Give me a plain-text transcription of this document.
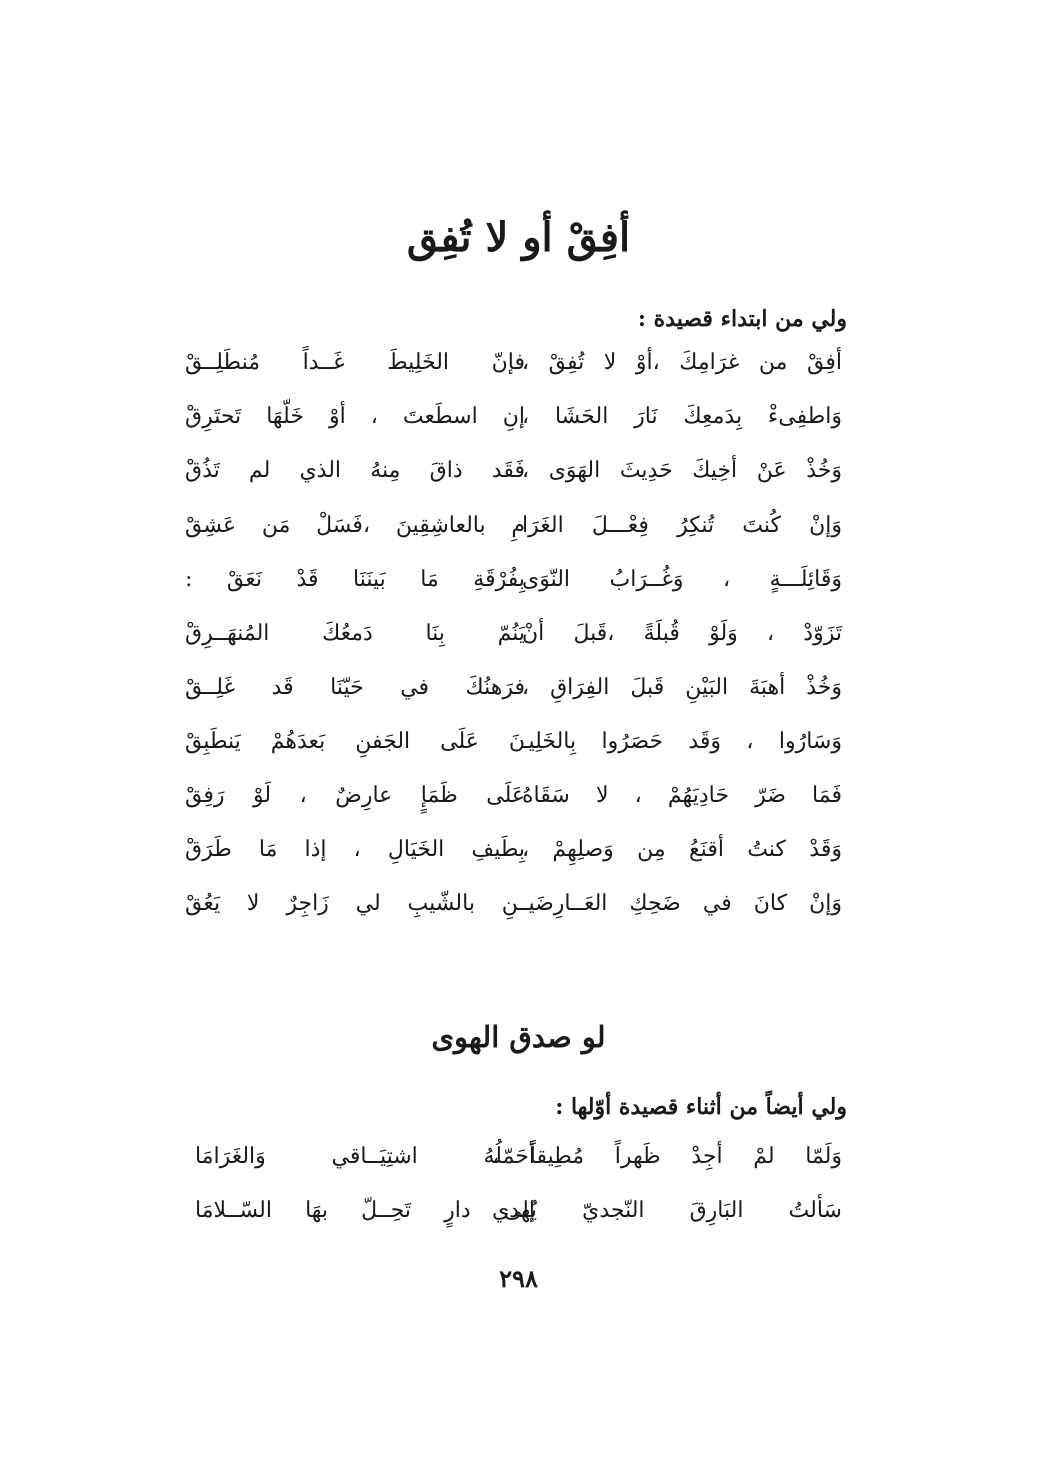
أفِقْ أو لا تُفِق
ولي من ابتداء قصيدة :
أفِقْ من غرَامِكَ ،أوْ لا تُفِقْ ،
فإنّ الخَلِيطَ غَــداً مُنطَلِــقْ
وَاطفِىءْ بِدَمعِكَ نَارَ الحَشَا ،
إنِ اسطَعتَ ، أوْ خَلّهَا تَحتَرِقْ
وَخُذْ عَنْ أخِيكَ حَدِيثَ الهَوَى ،
فَقَد ذاقَ مِنهُ الذي لم تَذُقْ
وَإنْ كُنتَ تُنكِرُ فِعْـــلَ الغَرَا
مِ بالعاشِقِينَ ،فَسَلْ مَن عَشِقْ
وَقَائِلَـــةٍ ، وَغُــرَابُ النّوَى
بِفُرْقَةِ مَا بَينَنَا قَدْ نَعَقْ :
تَزَوّدْ ، وَلَوْ قُبلَةً ،قَبلَ أنْ
يَنُمّ بِنَا دَمعُكَ المُنهَــرِقْ
وَخُذْ أهبَةَ البَيْنِ قَبلَ الفِرَاقِ ،
فرَهنُكَ في حَيّنَا قَد غَلِــقْ
وَسَارُوا ، وَقَد حَصَرُوا بِالخَلِيـ
نَ عَلَى الجَفنِ بَعدَهُمْ يَنطَبِقْ
فَمَا ضَرّ حَادِيَهُمْ ، لا سَقَاهُ
عَلَى ظَمَإٍ عارِضٌ ، لَوْ رَفِقْ
وَقَدْ كنتُ أقنَعُ مِن وَصلِهِمْ ،
بِطَيفِ الخَيَالِ ، إذا مَا طَرَقْ
وَإنْ كانَ في ضَحِكِ العَــارِضَيـ
ـنِ بالشّيبِ لي زَاجِرٌ لا يَعُقْ
لو صدق الهوى
ولي أيضاً من أثناء قصيدة أوّلها :
وَلَمّا لمْ أجِدْ ظَهراً مُطِيقاً ،
أحَمّلُهُ اشتِيَــاقي وَالغَرَامَا
سَألتُ البَارِقَ النّجديّ يُهدي
إلى دارٍ تَحِــلّ بهَا السّــلامَا
٢٩٨
